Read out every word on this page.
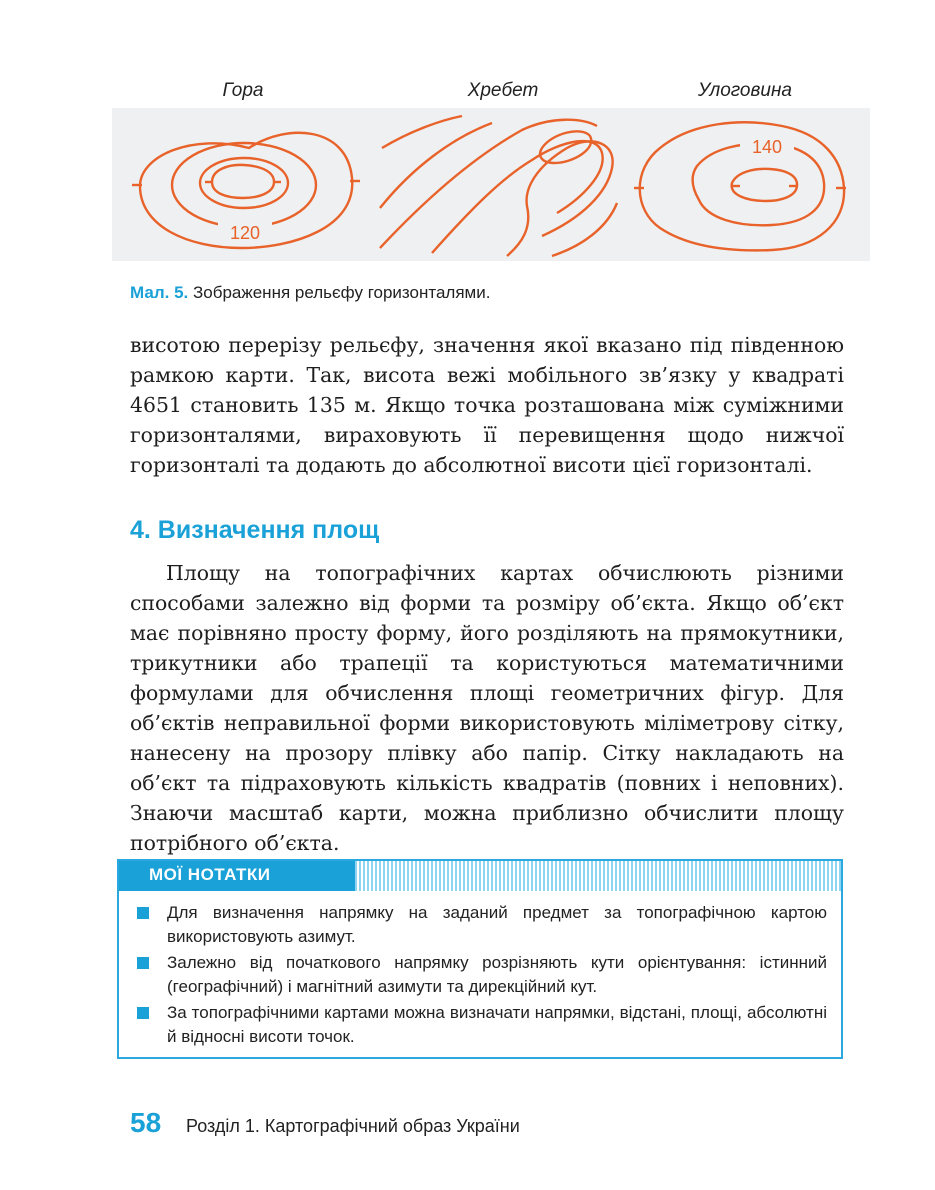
Гора	Хребет	Улоговина
120
140
Мал. 5. Зображення рельєфу горизонталями.

висотою перерізу рельєфу, значення якої вказано під південною рамкою карти. Так, висота вежі мобільного зв’язку у квадраті 4651 становить 135 м. Якщо точка розташована між суміжними горизонталями, вираховують її перевищення щодо нижчої горизонталі та додають до абсолютної висоти цієї горизонталі.

4. Визначення площ

Площу на топографічних картах обчислюють різними способами залежно від форми та розміру об’єкта. Якщо об’єкт має порівняно просту форму, його розділяють на прямокутники, трикутники або трапеції та користуються математичними формулами для обчислення площі геометричних фігур. Для об’єктів неправильної форми використовують міліметрову сітку, нанесену на прозору плівку або папір. Сітку накладають на об’єкт та підраховують кількість квадратів (повних і неповних). Знаючи масштаб карти, можна приблизно обчислити площу потрібного об’єкта.

МОЇ НОТАТКИ
Для визначення напрямку на заданий предмет за топографічною картою використовують азимут.
Залежно від початкового напрямку розрізняють кути орієнтування: істинний (географічний) і магнітний азимути та дирекційний кут.
За топографічними картами можна визначати напрямки, відстані, площі, абсолютні й відносні висоти точок.
58 Розділ 1. Картографічний образ України
